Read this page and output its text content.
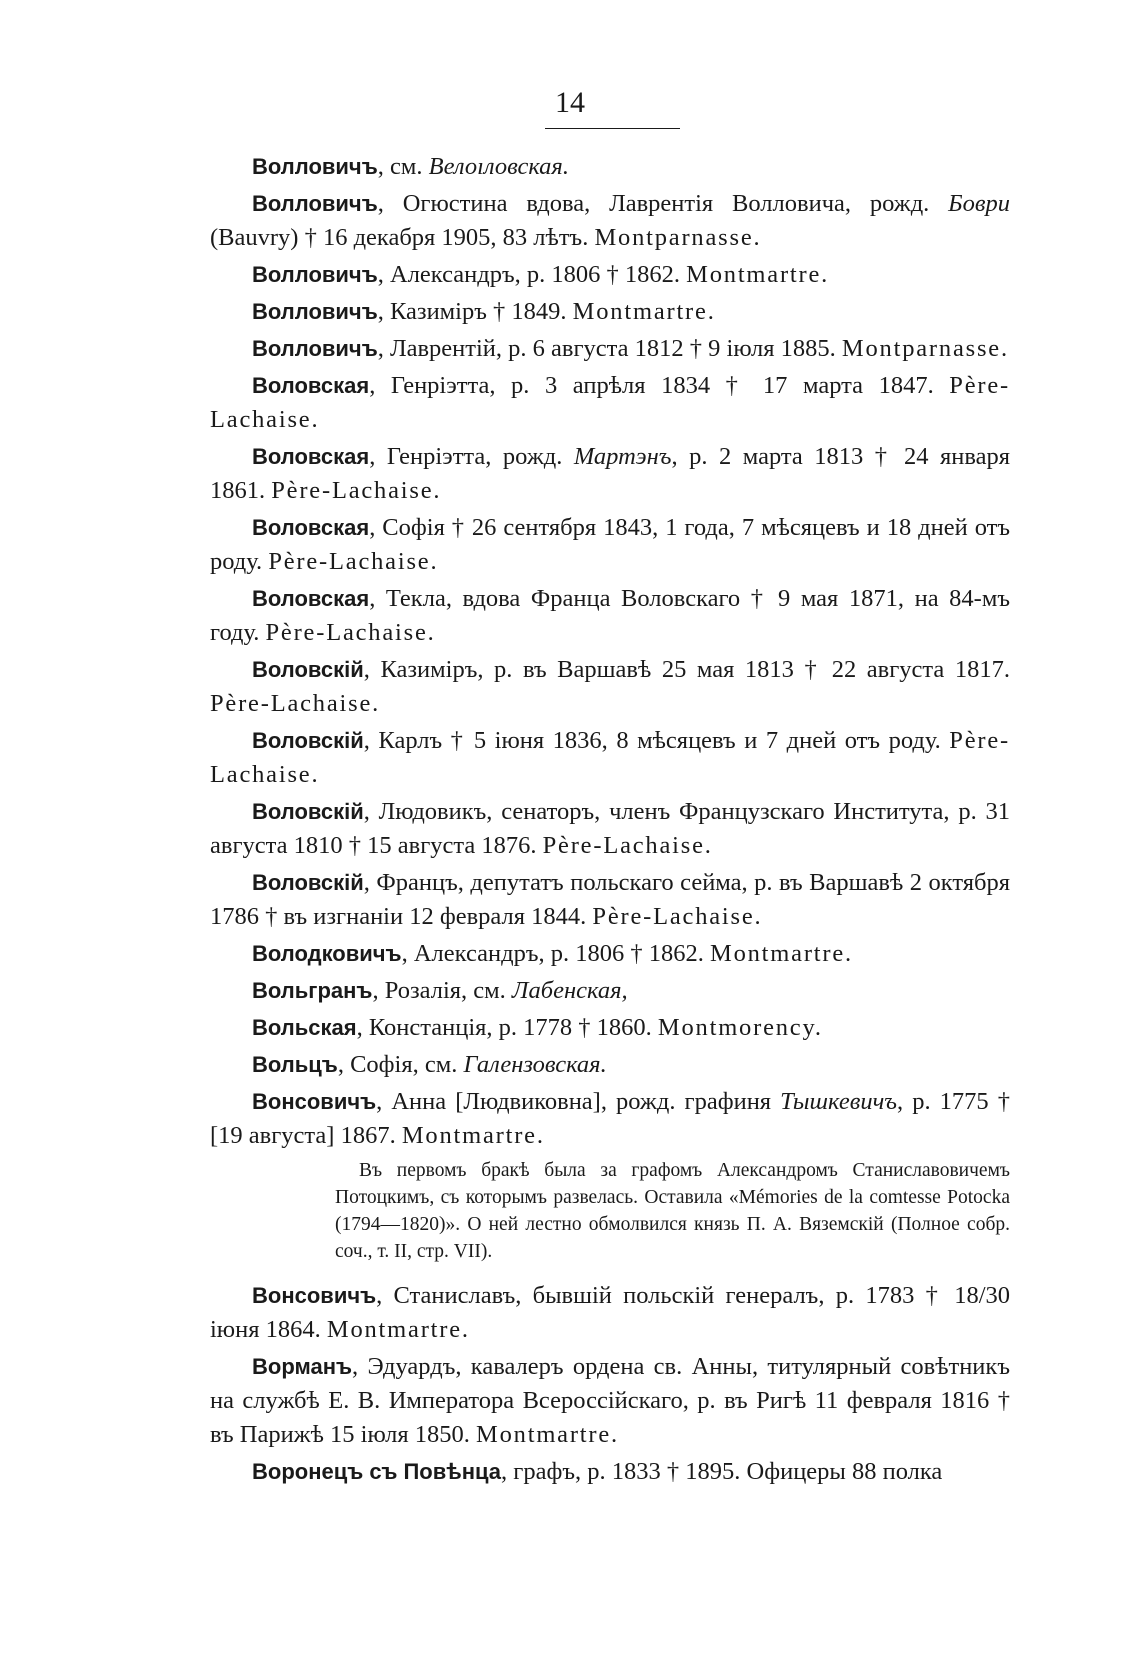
14

Волловичъ, см. Велоıловская.

Волловичъ, Огюстина вдова, Лаврентія Волловича, рожд. Боври (Bauvry) † 16 декабря 1905, 83 лѣтъ. Montparnasse.

Волловичъ, Александръ, р. 1806 † 1862. Montmartre.

Волловичъ, Казиміръ † 1849. Montmartre.

Волловичъ, Лаврентій, р. 6 августа 1812 † 9 іюля 1885. Montparnasse.

Воловская, Генріэтта, р. 3 апрѣля 1834 † 17 марта 1847. Père-Lachaise.

Воловская, Генріэтта, рожд. Мартэнъ, р. 2 марта 1813 † 24 января 1861. Père-Lachaise.

Воловская, Софія † 26 сентября 1843, 1 года, 7 мѣсяцевъ и 18 дней отъ роду. Père-Lachaise.

Воловская, Текла, вдова Франца Воловскаго † 9 мая 1871, на 84-мъ году. Père-Lachaise.

Воловскій, Казиміръ, р. въ Варшавѣ 25 мая 1813 † 22 августа 1817. Père-Lachaise.

Воловскій, Карлъ † 5 іюня 1836, 8 мѣсяцевъ и 7 дней отъ роду. Père-Lachaise.

Воловскій, Людовикъ, сенаторъ, членъ Французскаго Института, р. 31 августа 1810 † 15 августа 1876. Père-Lachaise.

Воловскій, Францъ, депутатъ польскаго сейма, р. въ Варшавѣ 2 октября 1786 † въ изгнаніи 12 февраля 1844. Père-Lachaise.

Володковичъ, Александръ, р. 1806 † 1862. Montmartre.

Вольгранъ, Розалія, см. Лабенская,

Вольская, Констанція, р. 1778 † 1860. Montmorency.

Вольцъ, Софія, см. Галензовская.

Вонсовичъ, Анна [Людвиковна], рожд. графиня Тышкевичъ, р. 1775 † [19 августа] 1867. Montmartre.

Въ первомъ бракѣ была за графомъ Александромъ Станиславовичемъ Потоцкимъ, съ которымъ развелась. Оставила «Mémories de la comtesse Potocka (1794—1820)». О ней лестно обмолвился князь П. А. Вяземскій (Полное собр. соч., т. II, стр. VII).

Вонсовичъ, Станиславъ, бывшій польскій генералъ, р. 1783 † 18/30 іюня 1864. Montmartre.

Ворманъ, Эдуардъ, кавалеръ ордена св. Анны, титулярный совѣтникъ на службѣ Е. В. Императора Всероссійскаго, р. въ Ригѣ 11 февраля 1816 † въ Парижѣ 15 іюля 1850. Montmartre.

Воронецъ съ Повѣнца, графъ, р. 1833 † 1895. Офицеры 88 полка
